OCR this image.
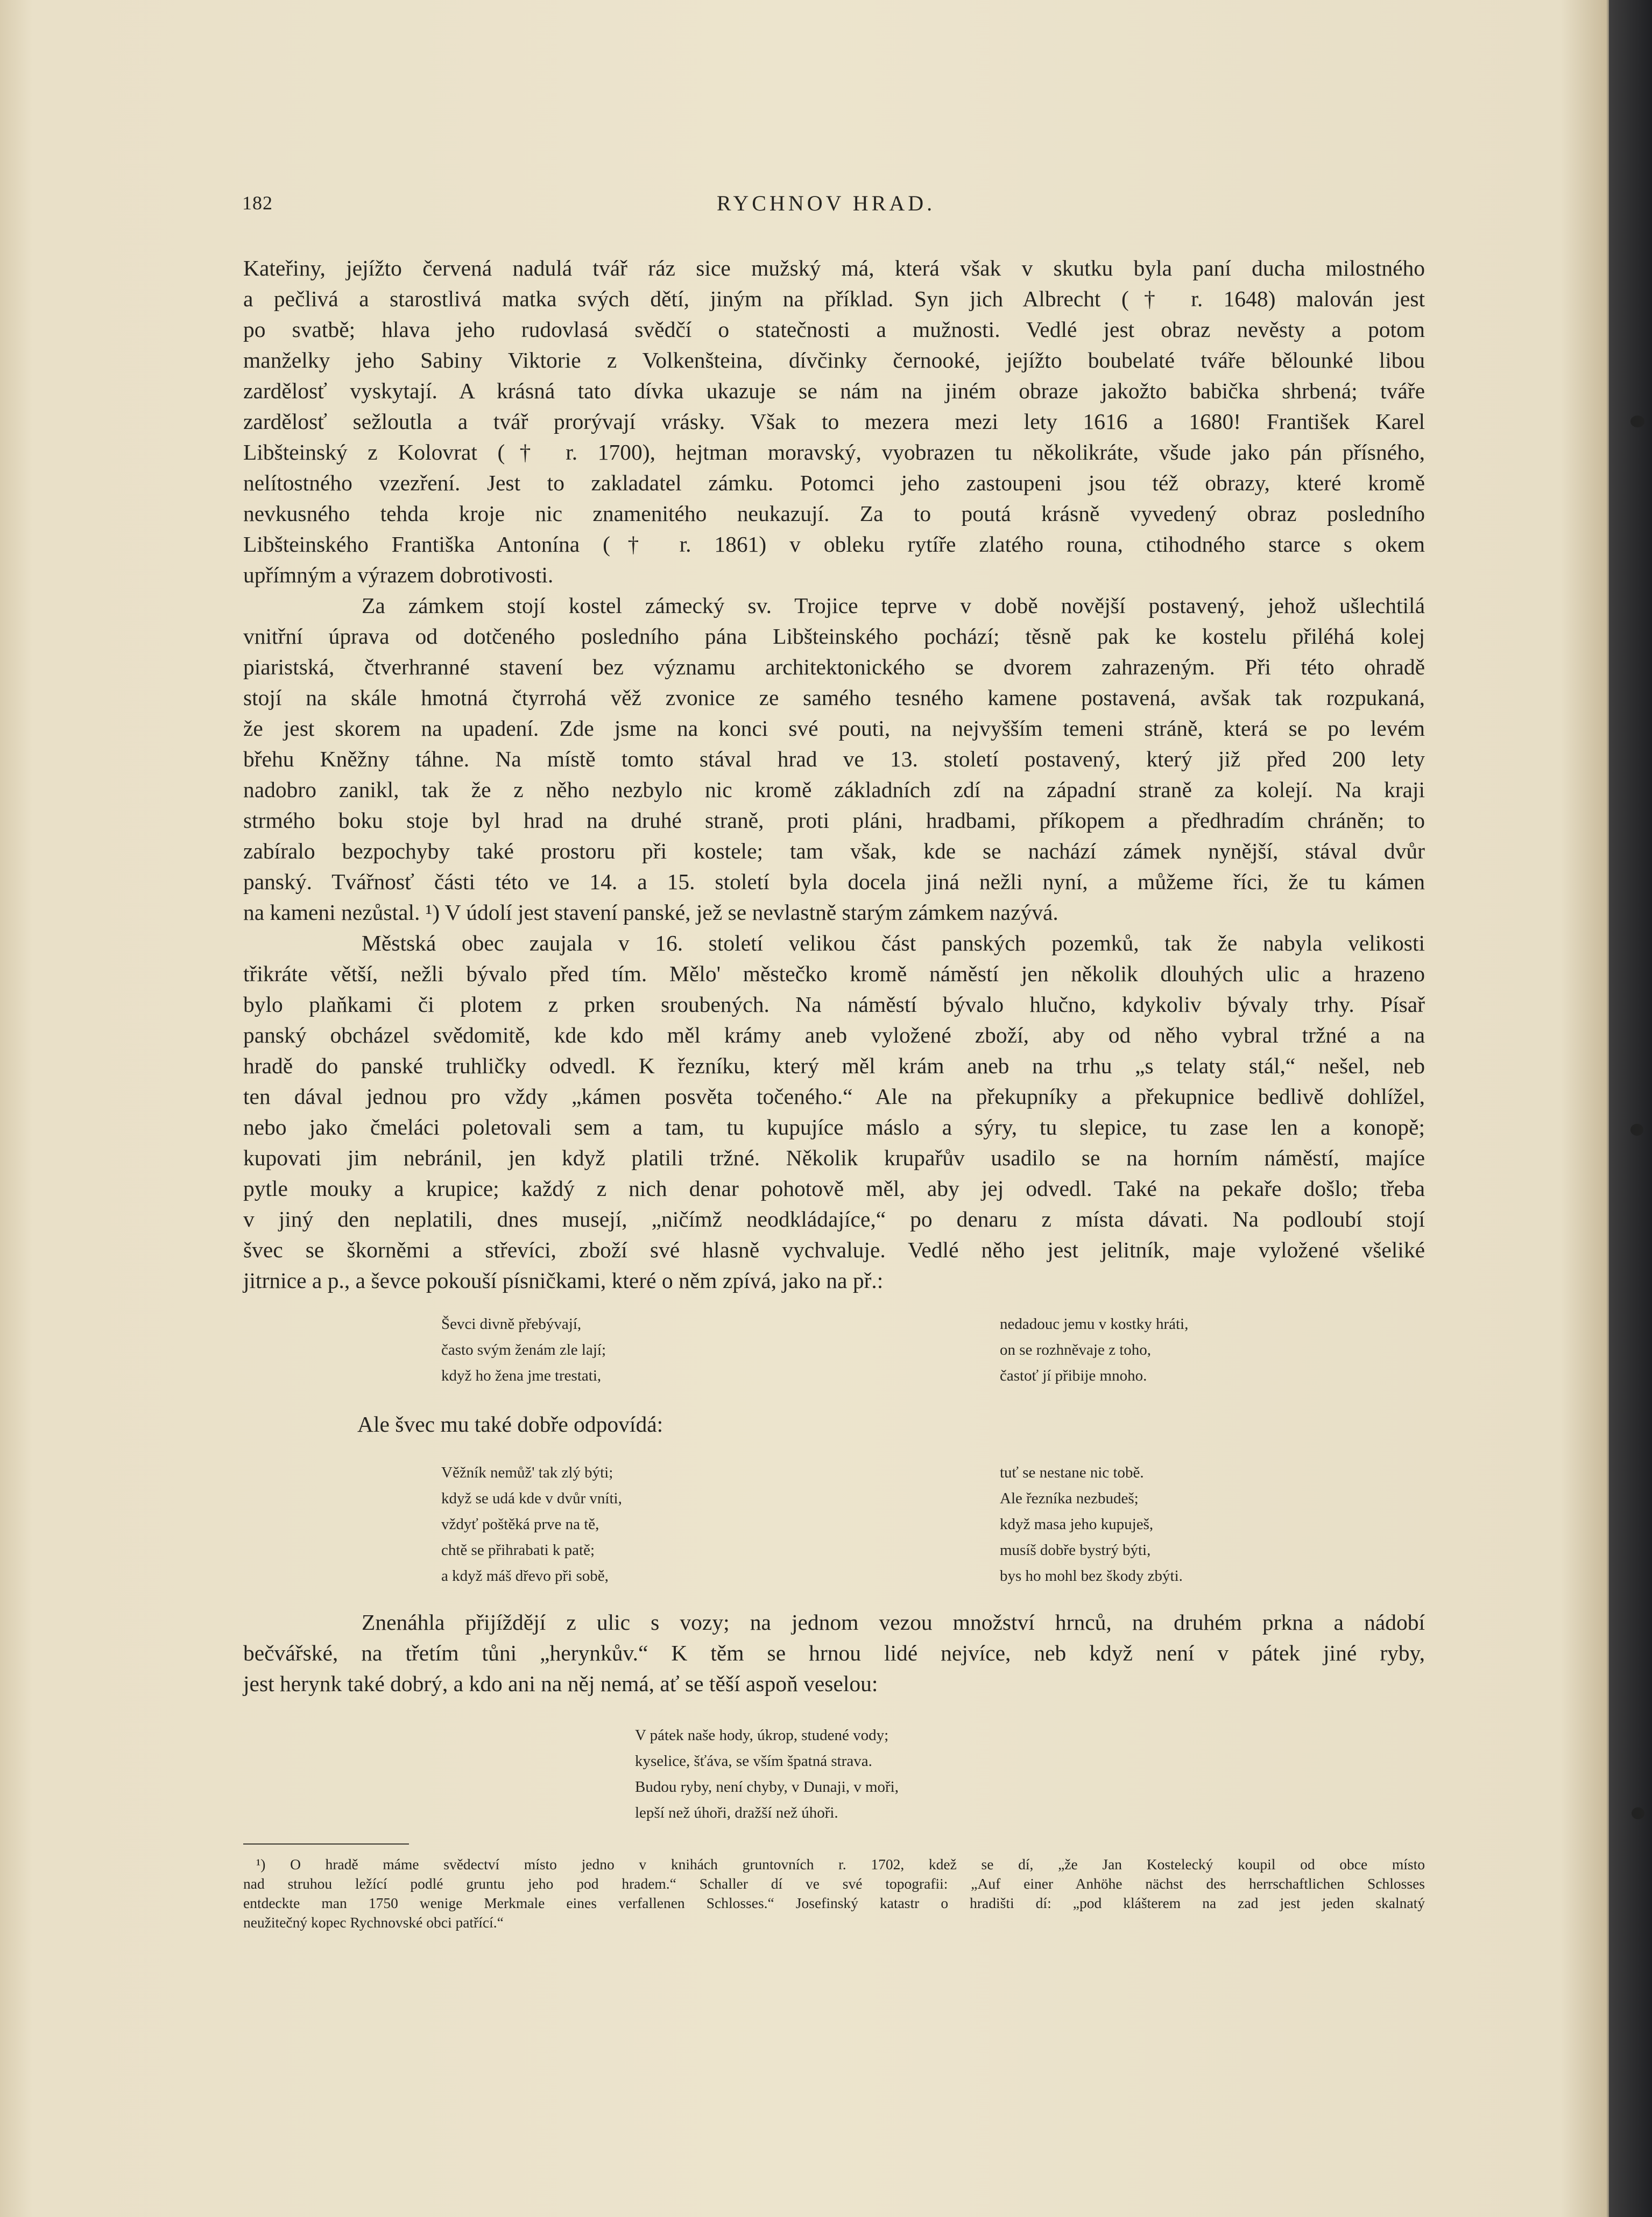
182	RYCHNOV HRAD.
Kateřiny, jejížto červená nadulá tvář ráz sice mužský má, která však v skutku byla paní ducha milostného
a pečlivá a starostlivá matka svých dětí, jiným na příklad. Syn jich Albrecht († r. 1648) malován jest
po svatbě; hlava jeho rudovlasá svědčí o statečnosti a mužnosti. Vedlé jest obraz nevěsty a potom
manželky jeho Sabiny Viktorie z Volkenšteina, dívčinky černooké, jejížto boubelaté tváře bělounké libou
zardělosť vyskytají. A krásná tato dívka ukazuje se nám na jiném obraze jakožto babička shrbená; tváře
zardělosť sežloutla a tvář prorývají vrásky. Však to mezera mezi lety 1616 a 1680! František Karel
Libšteinský z Kolovrat († r. 1700), hejtman moravský, vyobrazen tu několikráte, všude jako pán přísného,
nelítostného vzezření. Jest to zakladatel zámku. Potomci jeho zastoupeni jsou též obrazy, které kromě
nevkusného tehda kroje nic znamenitého neukazují. Za to poutá krásně vyvedený obraz posledního
Libšteinského Františka Antonína († r. 1861) v obleku rytíře zlatého rouna, ctihodného starce s okem
upřímným a výrazem dobrotivosti.
Za zámkem stojí kostel zámecký sv. Trojice teprve v době novější postavený, jehož ušlechtilá
vnitřní úprava od dotčeného posledního pána Libšteinského pochází; těsně pak ke kostelu přiléhá kolej
piaristská, čtverhranné stavení bez významu architektonického se dvorem zahrazeným. Při této ohradě
stojí na skále hmotná čtyrrohá věž zvonice ze samého tesného kamene postavená, avšak tak rozpukaná,
že jest skorem na upadení. Zde jsme na konci své pouti, na nejvyšším temeni stráně, která se po levém
břehu Kněžny táhne. Na místě tomto stával hrad ve 13. století postavený, který již před 200 lety
nadobro zanikl, tak že z něho nezbylo nic kromě základních zdí na západní straně za kolejí. Na kraji
strmého boku stoje byl hrad na druhé straně, proti pláni, hradbami, příkopem a předhradím chráněn; to
zabíralo bezpochyby také prostoru při kostele; tam však, kde se nachází zámek nynější, stával dvůr
panský. Tvářnosť části této ve 14. a 15. století byla docela jiná nežli nyní, a můžeme říci, že tu kámen
na kameni nezůstal. ¹) V údolí jest stavení panské, jež se nevlastně starým zámkem nazývá.
Městská obec zaujala v 16. století velikou část panských pozemků, tak že nabyla velikosti
třikráte větší, nežli bývalo před tím. Mělo' městečko kromě náměstí jen několik dlouhých ulic a hrazeno
bylo plaňkami či plotem z prken sroubených. Na náměstí bývalo hlučno, kdykoliv bývaly trhy. Písař
panský obcházel svědomitě, kde kdo měl krámy aneb vyložené zboží, aby od něho vybral tržné a na
hradě do panské truhličky odvedl. K řezníku, který měl krám aneb na trhu „s telaty stál,“ nešel, neb
ten dával jednou pro vždy „kámen posvěta točeného.“ Ale na překupníky a překupnice bedlivě dohlížel,
nebo jako čmeláci poletovali sem a tam, tu kupujíce máslo a sýry, tu slepice, tu zase len a konopě;
kupovati jim nebránil, jen když platili tržné. Několik krupařův usadilo se na horním náměstí, majíce
pytle mouky a krupice; každý z nich denar pohotově měl, aby jej odvedl. Také na pekaře došlo; třeba
v jiný den neplatili, dnes musejí, „ničímž neodkládajíce,“ po denaru z místa dávati. Na podloubí stojí
švec se škorněmi a střevíci, zboží své hlasně vychvaluje. Vedlé něho jest jelitník, maje vyložené všeliké
jitrnice a p., a ševce pokouší písničkami, které o něm zpívá, jako na př.:
Ševci divně přebývají,
často svým ženám zle lají;
když ho žena jme trestati,
nedadouc jemu v kostky hráti,
on se rozhněvaje z toho,
častoť jí přibije mnoho.
Ale švec mu také dobře odpovídá:
Věžník nemůž' tak zlý býti;
když se udá kde v dvůr vníti,
vždyť poštěká prve na tě,
chtě se přihrabati k patě;
a když máš dřevo při sobě,
tuť se nestane nic tobě.
Ale řezníka nezbudeš;
když masa jeho kupuješ,
musíš dobře bystrý býti,
bys ho mohl bez škody zbýti.
Znenáhla přijíždějí z ulic s vozy; na jednom vezou množství hrnců, na druhém prkna a nádobí
bečvářské, na třetím tůni „herynkův.“ K těm se hrnou lidé nejvíce, neb když není v pátek jiné ryby,
jest herynk také dobrý, a kdo ani na něj nemá, ať se těší aspoň veselou:
V pátek naše hody, úkrop, studené vody;
kyselice, šťáva, se vším špatná strava.
Budou ryby, není chyby, v Dunaji, v moři,
lepší než úhoři, dražší než úhoři.
¹) O hradě máme svědectví místo jedno v knihách gruntovních r. 1702, kdež se dí, „že Jan Kostelecký koupil od obce místo
nad struhou ležící podlé gruntu jeho pod hradem.“ Schaller dí ve své topografii: „Auf einer Anhöhe nächst des herrschaftlichen Schlosses
entdeckte man 1750 wenige Merkmale eines verfallenen Schlosses.“ Josefinský katastr o hradišti dí: „pod klášterem na zad jest jeden skalnatý
neužitečný kopec Rychnovské obci patřící.“
